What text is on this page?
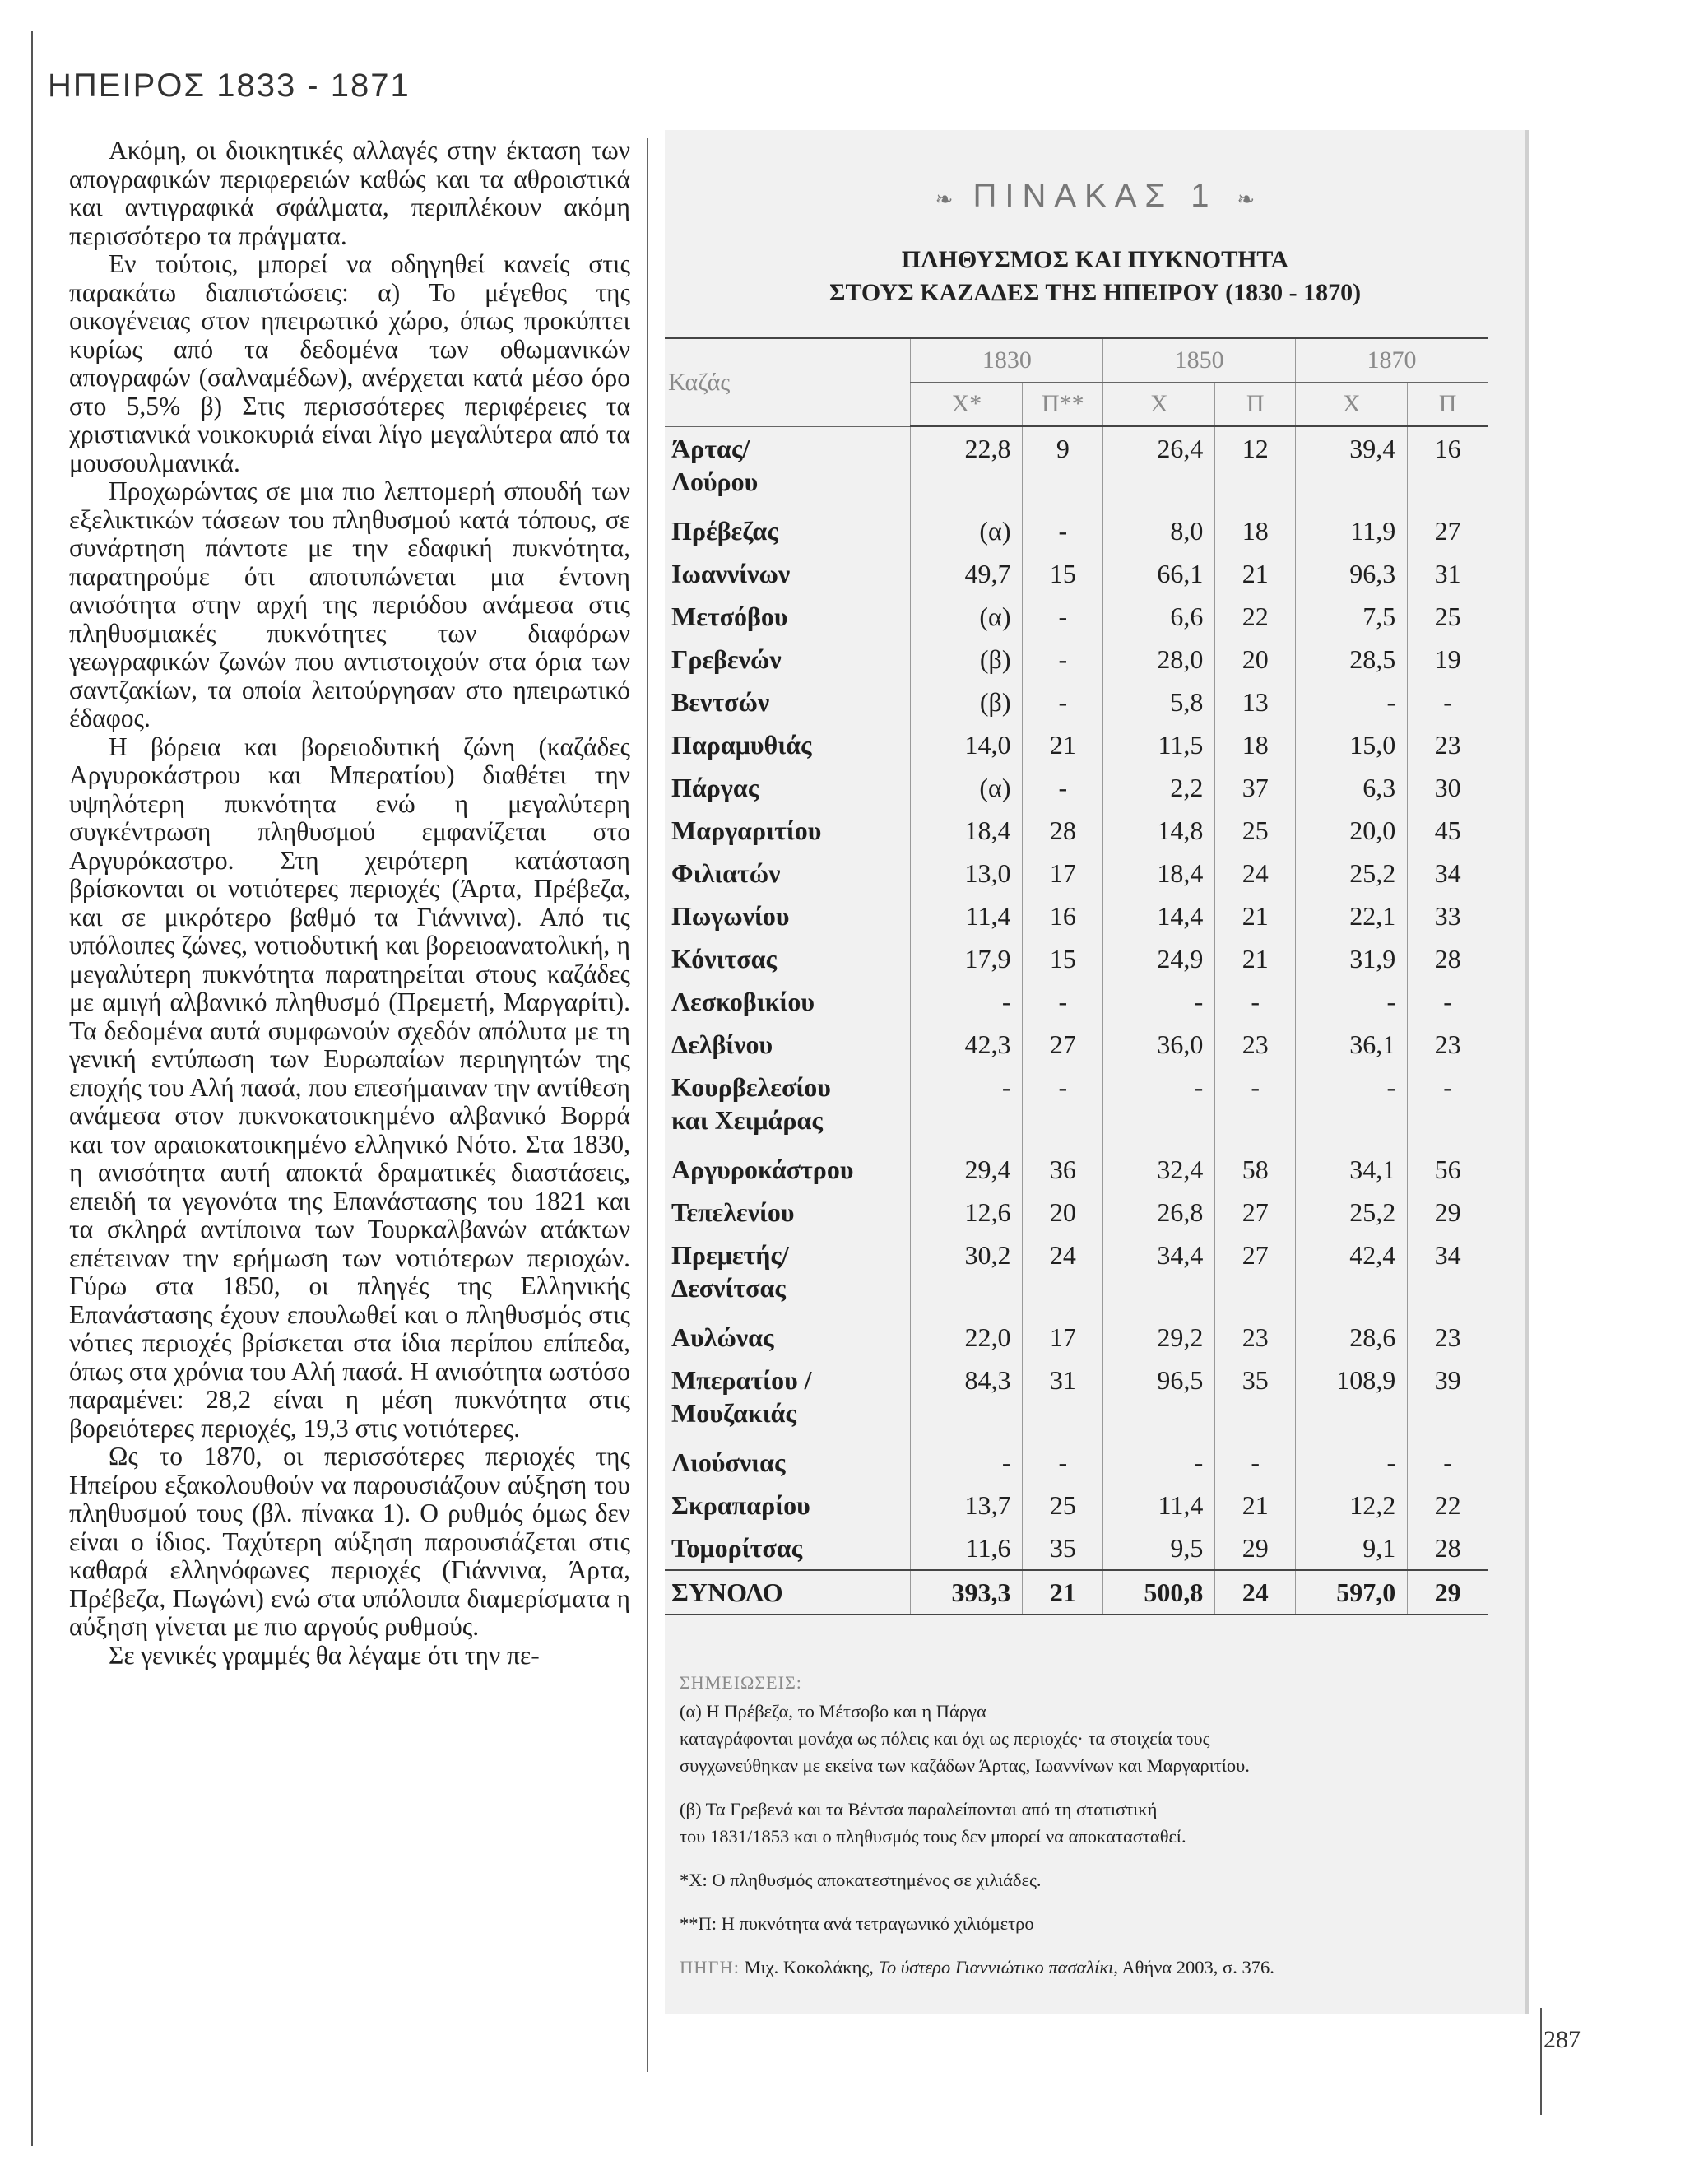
ΗΠΕΙΡΟΣ 1833 - 1871

Ακόμη, οι διοικητικές αλλαγές στην έκταση των απογραφικών περιφερειών καθώς και τα αθροιστικά και αντιγραφικά σφάλματα, περιπλέκουν ακόμη περισσότερο τα πράγματα.

Εν τούτοις, μπορεί να οδηγηθεί κανείς στις παρακάτω διαπιστώσεις: α) Το μέγεθος της οικογένειας στον ηπειρωτικό χώρο, όπως προκύπτει κυρίως από τα δεδομένα των οθωμανικών απογραφών (σαλναμέδων), ανέρχεται κατά μέσο όρο στο 5,5% β) Στις περισσότερες περιφέρειες τα χριστιανικά νοικοκυριά είναι λίγο μεγαλύτερα από τα μουσουλμανικά.

Προχωρώντας σε μια πιο λεπτομερή σπουδή των εξελικτικών τάσεων του πληθυσμού κατά τόπους, σε συνάρτηση πάντοτε με την εδαφική πυκνότητα, παρατηρούμε ότι αποτυπώνεται μια έντονη ανισότητα στην αρχή της περιόδου ανάμεσα στις πληθυσμιακές πυκνότητες των διαφόρων γεωγραφικών ζωνών που αντιστοιχούν στα όρια των σαντζακίων, τα οποία λειτούργησαν στο ηπειρωτικό έδαφος.

Η βόρεια και βορειοδυτική ζώνη (καζάδες Αργυροκάστρου και Μπερατίου) διαθέτει την υψηλότερη πυκνότητα ενώ η μεγαλύτερη συγκέντρωση πληθυσμού εμφανίζεται στο Αργυρόκαστρο. Στη χειρότερη κατάσταση βρίσκονται οι νοτιότερες περιοχές (Άρτα, Πρέβεζα, και σε μικρότερο βαθμό τα Γιάννινα). Από τις υπόλοιπες ζώνες, νοτιοδυτική και βορειοανατολική, η μεγαλύτερη πυκνότητα παρατηρείται στους καζάδες με αμιγή αλβανικό πληθυσμό (Πρεμετή, Μαργαρίτι). Τα δεδομένα αυτά συμφωνούν σχεδόν απόλυτα με τη γενική εντύπωση των Ευρωπαίων περιηγητών της εποχής του Αλή πασά, που επεσήμαιναν την αντίθεση ανάμεσα στον πυκνοκατοικημένο αλβανικό Βορρά και τον αραιοκατοικημένο ελληνικό Νότο. Στα 1830, η ανισότητα αυτή αποκτά δραματικές διαστάσεις, επειδή τα γεγονότα της Επανάστασης του 1821 και τα σκληρά αντίποινα των Τουρκαλβανών ατάκτων επέτειναν την ερήμωση των νοτιότερων περιοχών. Γύρω στα 1850, οι πληγές της Ελληνικής Επανάστασης έχουν επουλωθεί και ο πληθυσμός στις νότιες περιοχές βρίσκεται στα ίδια περίπου επίπεδα, όπως στα χρόνια του Αλή πασά. Η ανισότητα ωστόσο παραμένει: 28,2 είναι η μέση πυκνότητα στις βορειότερες περιοχές, 19,3 στις νοτιότερες.

Ως το 1870, οι περισσότερες περιοχές της Ηπείρου εξακολουθούν να παρουσιάζουν αύξηση του πληθυσμού τους (βλ. πίνακα 1). Ο ρυθμός όμως δεν είναι ο ίδιος. Ταχύτερη αύξηση παρουσιάζεται στις καθαρά ελληνόφωνες περιοχές (Γιάννινα, Άρτα, Πρέβεζα, Πωγώνι) ενώ στα υπόλοιπα διαμερίσματα η αύξηση γίνεται με πιο αργούς ρυθμούς.

Σε γενικές γραμμές θα λέγαμε ότι την πε-

❧ ΠΙΝΑΚΑΣ 1 ❧
ΠΛΗΘΥΣΜΟΣ ΚΑΙ ΠΥΚΝΟΤΗΤΑ
ΣΤΟΥΣ ΚΑΖΑΔΕΣ ΤΗΣ ΗΠΕΙΡΟΥ (1830 - 1870)
Καζάς	1830		1850		1870	
	Χ*	Π**	Χ	Π	Χ	Π
Άρτας/
Λούρου	22,8	9	26,4	12	39,4	16
Πρέβεζας	(α)	-	8,0	18	11,9	27
Ιωαννίνων	49,7	15	66,1	21	96,3	31
Μετσόβου	(α)	-	6,6	22	7,5	25
Γρεβενών	(β)	-	28,0	20	28,5	19
Βεντσών	(β)	-	5,8	13	-	-
Παραμυθιάς	14,0	21	11,5	18	15,0	23
Πάργας	(α)	-	2,2	37	6,3	30
Μαργαριτίου	18,4	28	14,8	25	20,0	45
Φιλιατών	13,0	17	18,4	24	25,2	34
Πωγωνίου	11,4	16	14,4	21	22,1	33
Κόνιτσας	17,9	15	24,9	21	31,9	28
Λεσκοβικίου	-	-	-	-	-	-
Δελβίνου	42,3	27	36,0	23	36,1	23
Κουρβελεσίου
και Χειμάρας	-	-	-	-	-	-
Αργυροκάστρου	29,4	36	32,4	58	34,1	56
Τεπελενίου	12,6	20	26,8	27	25,2	29
Πρεμετής/
Δεσνίτσας	30,2	24	34,4	27	42,4	34
Αυλώνας	22,0	17	29,2	23	28,6	23
Μπερατίου /
Μουζακιάς	84,3	31	96,5	35	108,9	39
Λιούσνιας	-	-	-	-	-	-
Σκραπαρίου	13,7	25	11,4	21	12,2	22
Τομορίτσας	11,6	35	9,5	29	9,1	28
ΣΥΝΟΛΟ	393,3	21	500,8	24	597,0	29

ΣΗΜΕΙΩΣΕΙΣ:

(α) Η Πρέβεζα, το Μέτσοβο και η Πάργα
καταγράφονται μονάχα ως πόλεις και όχι ως περιοχές· τα στοιχεία τους
συγχωνεύθηκαν με εκείνα των καζάδων Άρτας, Ιωαννίνων και Μαργαριτίου.

(β) Τα Γρεβενά και τα Βέντσα παραλείπονται από τη στατιστική
του 1831/1853 και ο πληθυσμός τους δεν μπορεί να αποκατασταθεί.

*Χ: Ο πληθυσμός αποκατεστημένος σε χιλιάδες.

**Π: Η πυκνότητα ανά τετραγωνικό χιλιόμετρο

ΠΗΓΗ: Μιχ. Κοκολάκης, Το ύστερο Γιαννιώτικο πασαλίκι, Αθήνα 2003, σ. 376.

287
